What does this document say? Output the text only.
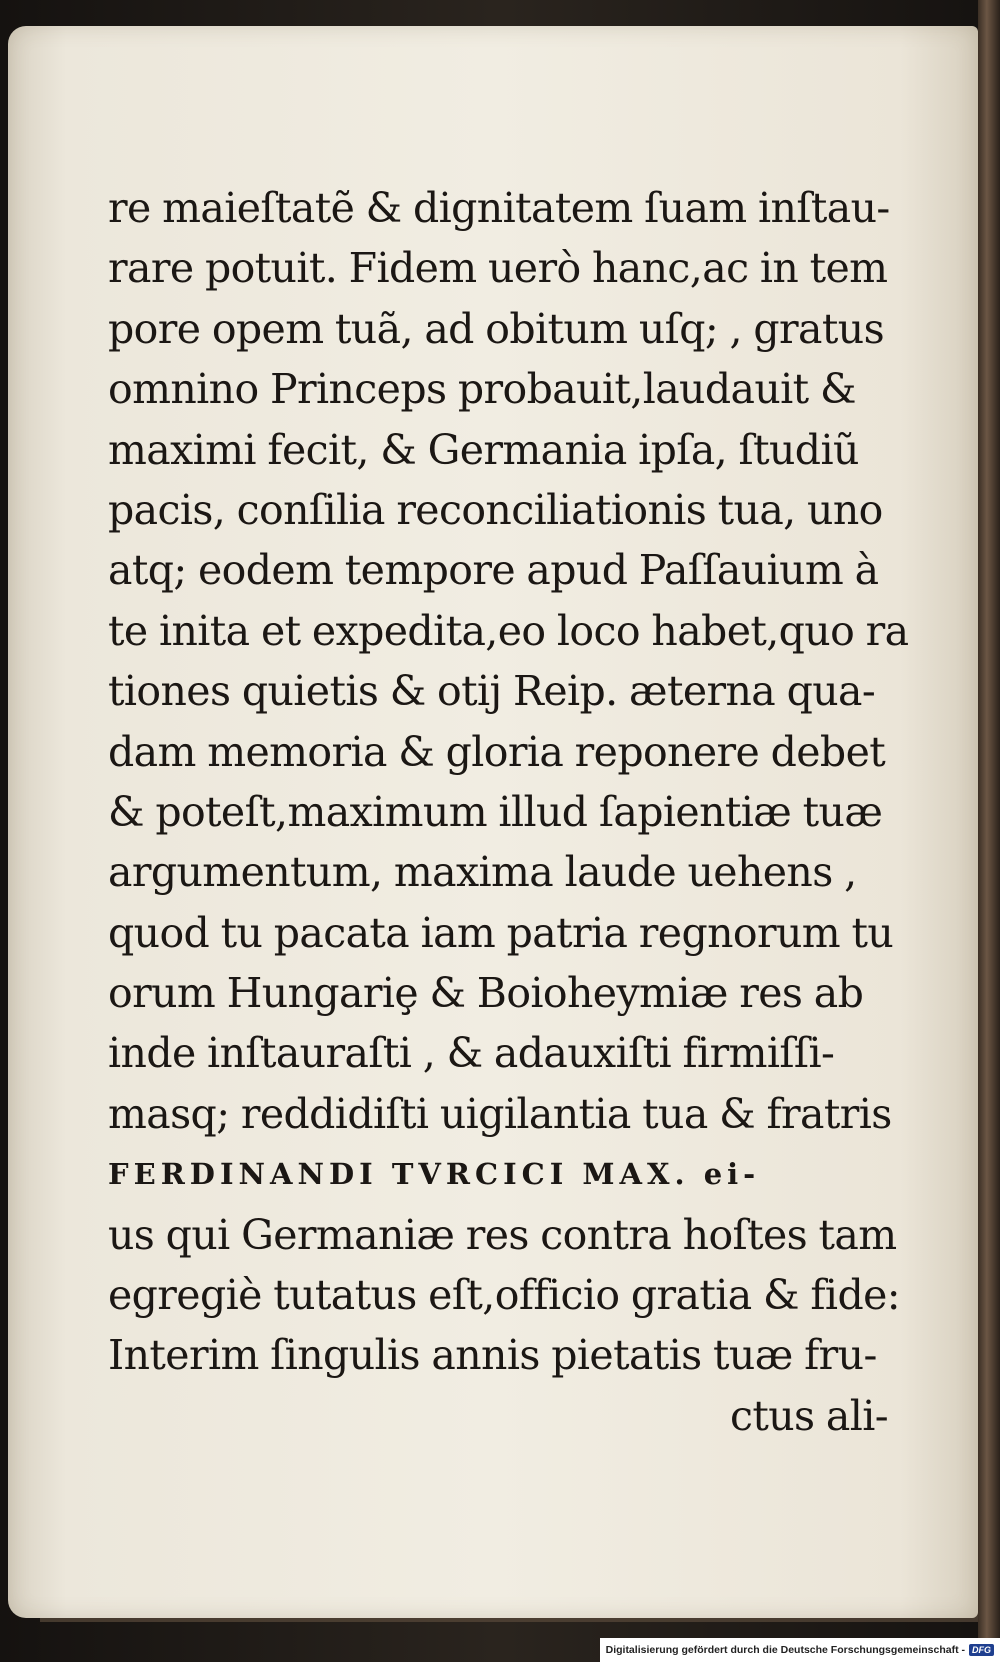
re maieſtatẽ & dignitatem ſuam inſtau-
rare potuit. Fidem uerò hanc,ac in tem
pore opem tuã, ad obitum uſq; , gratus
omnino Princeps probauit,laudauit &
maximi fecit, & Germania ipſa, ſtudiũ
pacis, conſilia reconciliationis tua, uno
atq; eodem tempore apud Paſſauium à
te inita et expedita,eo loco habet,quo ra
tiones quietis & otij Reip. æterna qua-
dam memoria & gloria reponere debet
& poteſt,maximum illud ſapientiæ tuæ
argumentum, maxima laude uehens ,
quod tu pacata iam patria regnorum tu
orum Hungariȩ & Boioheymiæ res ab
inde inſtauraſti , & adauxiſti firmiſſi-
masq; reddidiſti uigilantia tua & fratris
FERDINANDI TVRCICI MAX. ei-
us qui Germaniæ res contra hoſtes tam
egregiè tutatus eſt,officio gratia & fide:
Interim ſingulis annis pietatis tuæ fru-
ctus ali-
Digitalisierung gefördert durch die Deutsche Forschungsgemeinschaft - DFG
